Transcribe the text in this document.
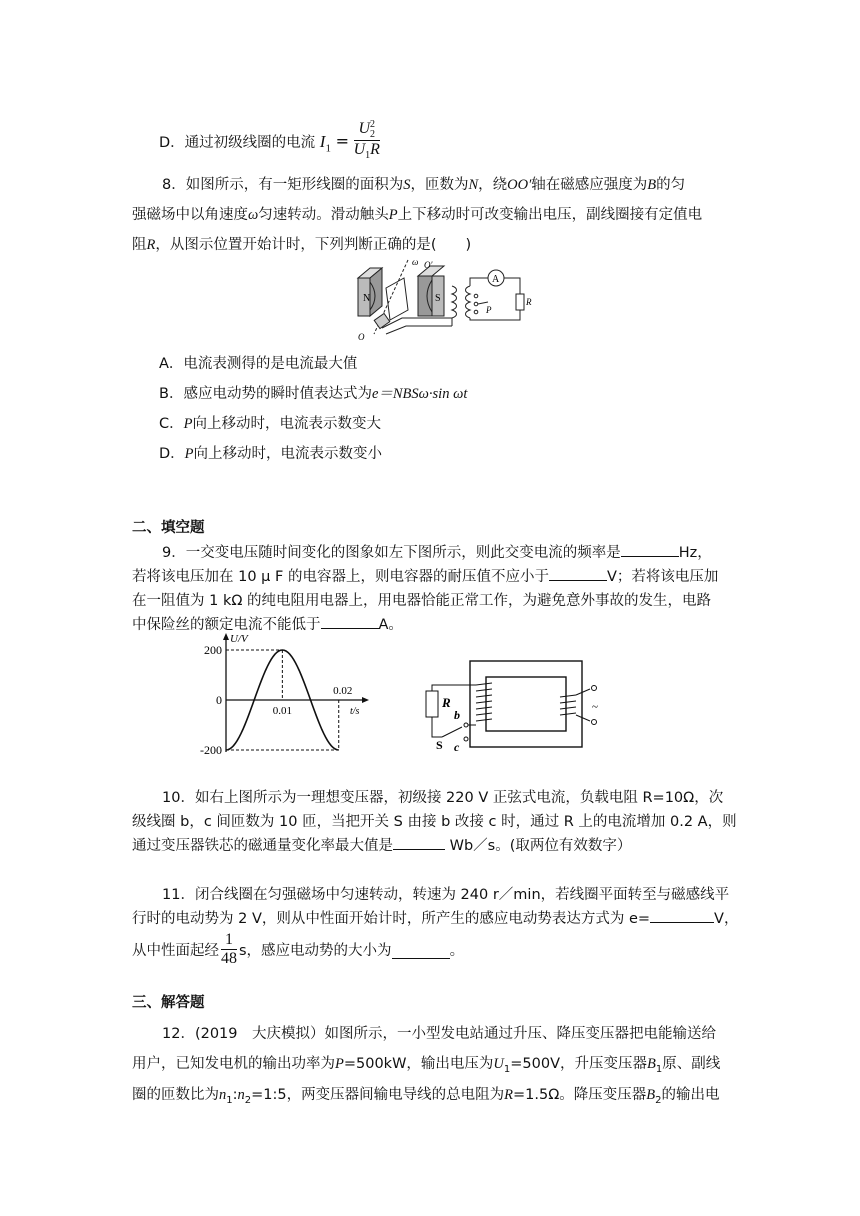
D．通过初级线圈的电流 $I_1 = U$ 2
2
$U_1R$
8．如图所示，有一矩形线圈的面积为S，匝数为N，绕OO′轴在磁感应强度为B的匀
强磁场中以角速度ω匀速转动。滑动触头P上下移动时可改变输出电压，副线圈接有定值电
阻R，从图示位置开始计时，下列判断正确的是(　　)
N	S
ω O′
O
P
A
R
A．电流表测得的是电流最大值
B．感应电动势的瞬时值表达式为e＝NBSω·sin ωt
C．P向上移动时，电流表示数变大
D．P向上移动时，电流表示数变小
二、填空题
9．一交变电压随时间变化的图象如左下图所示，则此交变电流的频率是	Hz，
若将该电压加在 10 μ F 的电容器上，则电容器的耐压值不应小于	V；若将该电压加
在一阻值为 1 kΩ 的纯电阻用电器上，用电器恰能正常工作，为避免意外事故的发生，电路
中保险丝的额定电流不能低于	A。
U/V
t/s
200
0
-200
0.01
0.02
~
R
b
S c
10．如右上图所示为一理想变压器，初级接 220 V 正弦式电流，负载电阻 R=10Ω，次
级线圈 b，c 间匝数为 10 匝，当把开关 S 由接 b 改接 c 时，通过 R 上的电流增加 0.2 A，则
通过变压器铁芯的磁通量变化率最大值是	Wb／s。(取两位有效数字）
11．闭合线圈在匀强磁场中匀速转动，转速为 240 r／min，若线圈平面转至与磁感线平
行时的电动势为 2 V，则从中性面开始计时，所产生的感应电动势表达方式为 e=	V，
从中性面起经 $\frac{1}{48}$ s，感应电动势的大小为	。
三、解答题
12．(2019　大庆模拟）如图所示，一小型发电站通过升压、降压变压器把电能输送给
用户，已知发电机的输出功率为P=500kW，输出电压为$U_1=500V$，升压变压器$B_1$原、副线
圈的匝数比为$n_1:n_2=1:5$，两变压器间输电导线的总电阻为R=1.5Ω。降压变压器$B_2$的输出电
